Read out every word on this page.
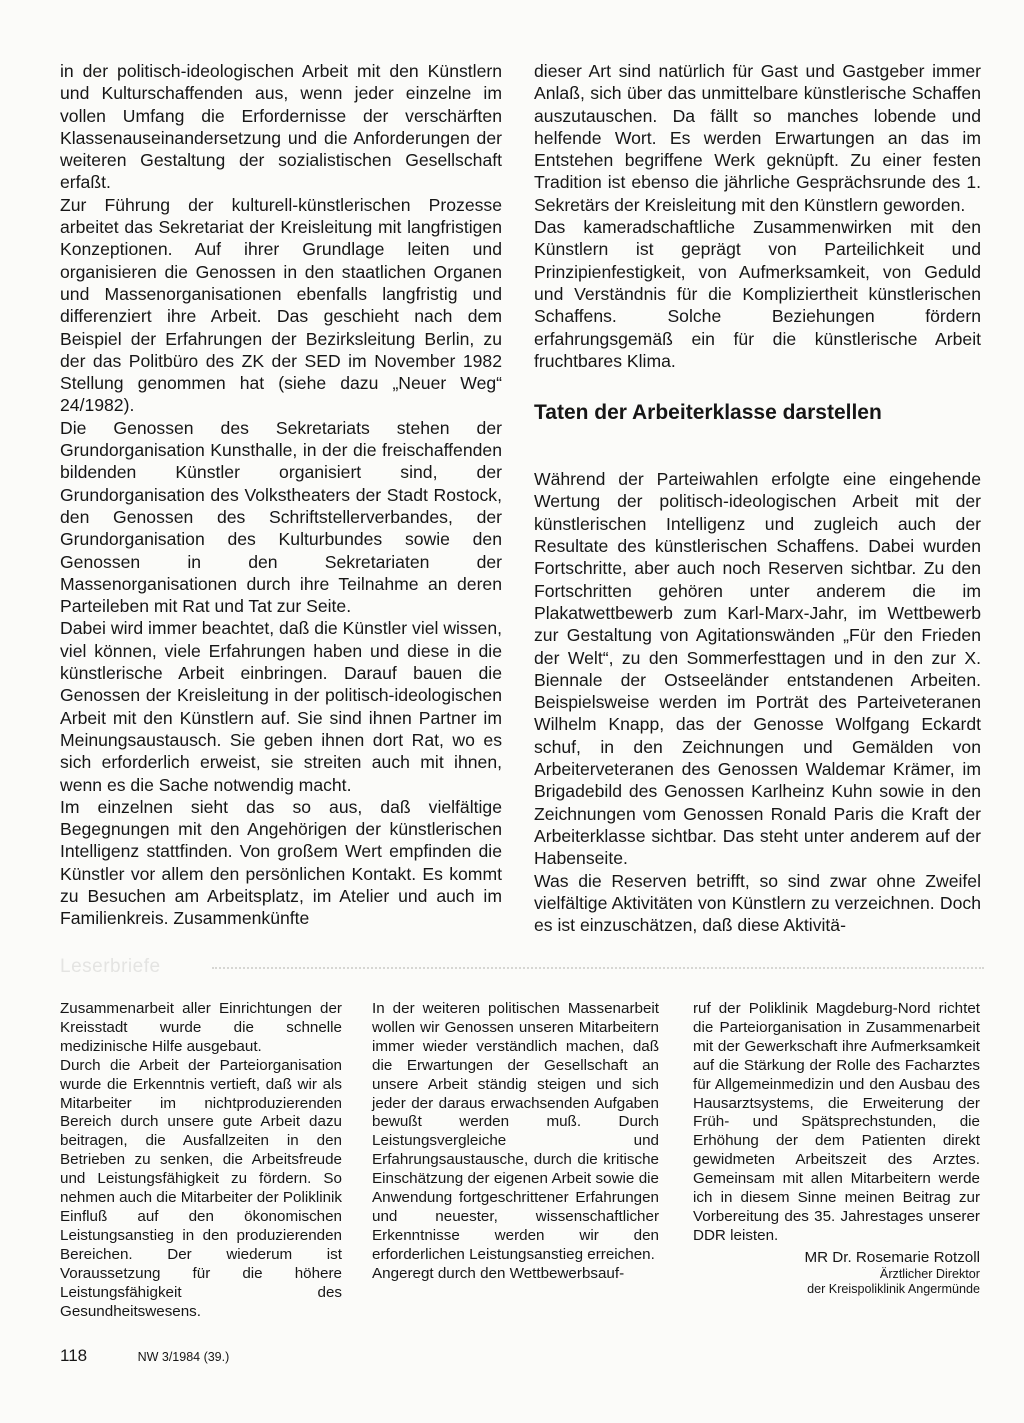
in der politisch-ideologischen Arbeit mit den Künstlern und Kulturschaffenden aus, wenn jeder einzelne im vollen Umfang die Erfordernisse der verschärften Klassenauseinandersetzung und die Anforderungen der weiteren Gestaltung der sozialistischen Gesellschaft erfaßt.

Zur Führung der kulturell-künstlerischen Prozesse arbeitet das Sekretariat der Kreisleitung mit langfristigen Konzeptionen. Auf ihrer Grundlage leiten und organisieren die Genossen in den staatlichen Organen und Massenorganisationen ebenfalls langfristig und differenziert ihre Arbeit. Das geschieht nach dem Beispiel der Erfahrungen der Bezirksleitung Berlin, zu der das Politbüro des ZK der SED im November 1982 Stellung genommen hat (siehe dazu „Neuer Weg“ 24/1982).

Die Genossen des Sekretariats stehen der Grundorganisation Kunsthalle, in der die freischaffenden bildenden Künstler organisiert sind, der Grundorganisation des Volkstheaters der Stadt Rostock, den Genossen des Schriftstellerverbandes, der Grundorganisation des Kulturbundes sowie den Genossen in den Sekretariaten der Massenorganisationen durch ihre Teilnahme an deren Parteileben mit Rat und Tat zur Seite.

Dabei wird immer beachtet, daß die Künstler viel wissen, viel können, viele Erfahrungen haben und diese in die künstlerische Arbeit einbringen. Darauf bauen die Genossen der Kreisleitung in der politisch-ideologischen Arbeit mit den Künstlern auf. Sie sind ihnen Partner im Meinungsaustausch. Sie geben ihnen dort Rat, wo es sich erforderlich erweist, sie streiten auch mit ihnen, wenn es die Sache notwendig macht.

Im einzelnen sieht das so aus, daß vielfältige Begegnungen mit den Angehörigen der künstlerischen Intelligenz stattfinden. Von großem Wert empfinden die Künstler vor allem den persönlichen Kontakt. Es kommt zu Besuchen am Arbeitsplatz, im Atelier und auch im Familienkreis. Zusammenkünfte

dieser Art sind natürlich für Gast und Gastgeber immer Anlaß, sich über das unmittelbare künstlerische Schaffen auszutauschen. Da fällt so manches lobende und helfende Wort. Es werden Erwartungen an das im Entstehen begriffene Werk geknüpft. Zu einer festen Tradition ist ebenso die jährliche Gesprächsrunde des 1. Sekretärs der Kreisleitung mit den Künstlern geworden.

Das kameradschaftliche Zusammenwirken mit den Künstlern ist geprägt von Parteilichkeit und Prinzipienfestigkeit, von Aufmerksamkeit, von Geduld und Verständnis für die Kompliziertheit künstlerischen Schaffens. Solche Beziehungen fördern erfahrungsgemäß ein für die künstlerische Arbeit fruchtbares Klima.

Taten der Arbeiterklasse darstellen

Während der Parteiwahlen erfolgte eine eingehende Wertung der politisch-ideologischen Arbeit mit der künstlerischen Intelligenz und zugleich auch der Resultate des künstlerischen Schaffens. Dabei wurden Fortschritte, aber auch noch Reserven sichtbar. Zu den Fortschritten gehören unter anderem die im Plakatwettbewerb zum Karl-Marx-Jahr, im Wettbewerb zur Gestaltung von Agitationswänden „Für den Frieden der Welt“, zu den Sommerfesttagen und in den zur X. Biennale der Ostseeländer entstandenen Arbeiten. Beispielsweise werden im Porträt des Parteiveteranen Wilhelm Knapp, das der Genosse Wolfgang Eckardt schuf, in den Zeichnungen und Gemälden von Arbeiterveteranen des Genossen Waldemar Krämer, im Brigadebild des Genossen Karlheinz Kuhn sowie in den Zeichnungen vom Genossen Ronald Paris die Kraft der Arbeiterklasse sichtbar. Das steht unter anderem auf der Habenseite.

Was die Reserven betrifft, so sind zwar ohne Zweifel vielfältige Aktivitäten von Künstlern zu verzeichnen. Doch es ist einzuschätzen, daß diese Aktivitä-

Leserbriefe

Zusammenarbeit aller Einrichtungen der Kreisstadt wurde die schnelle medizinische Hilfe ausgebaut.

Durch die Arbeit der Parteiorganisation wurde die Erkenntnis vertieft, daß wir als Mitarbeiter im nichtproduzierenden Bereich durch unsere gute Arbeit dazu beitragen, die Ausfallzeiten in den Betrieben zu senken, die Arbeitsfreude und Leistungsfähigkeit zu fördern. So nehmen auch die Mitarbeiter der Poliklinik Einfluß auf den ökonomischen Leistungsanstieg in den produzierenden Bereichen. Der wiederum ist Voraussetzung für die höhere Leistungsfähigkeit des Gesundheitswesens.

In der weiteren politischen Massenarbeit wollen wir Genossen unseren Mitarbeitern immer wieder verständlich machen, daß die Erwartungen der Gesellschaft an unsere Arbeit ständig steigen und sich jeder der daraus erwachsenden Aufgaben bewußt werden muß. Durch Leistungsvergleiche und Erfahrungsaustausche, durch die kritische Einschätzung der eigenen Arbeit sowie die Anwendung fortgeschrittener Erfahrungen und neuester, wissenschaftlicher Erkenntnisse werden wir den erforderlichen Leistungsanstieg erreichen.

Angeregt durch den Wettbewerbsauf-

ruf der Poliklinik Magdeburg-Nord richtet die Parteiorganisation in Zusammenarbeit mit der Gewerkschaft ihre Aufmerksamkeit auf die Stärkung der Rolle des Facharztes für Allgemeinmedizin und den Ausbau des Hausarztsystems, die Erweiterung der Früh- und Spätsprechstunden, die Erhöhung der dem Patienten direkt gewidmeten Arbeitszeit des Arztes. Gemeinsam mit allen Mitarbeitern werde ich in diesem Sinne meinen Beitrag zur Vorbereitung des 35. Jahrestages unserer DDR leisten.

MR Dr. Rosemarie Rotzoll
Ärztlicher Direktor
der Kreispoliklinik Angermünde
118	NW 3/1984 (39.)
